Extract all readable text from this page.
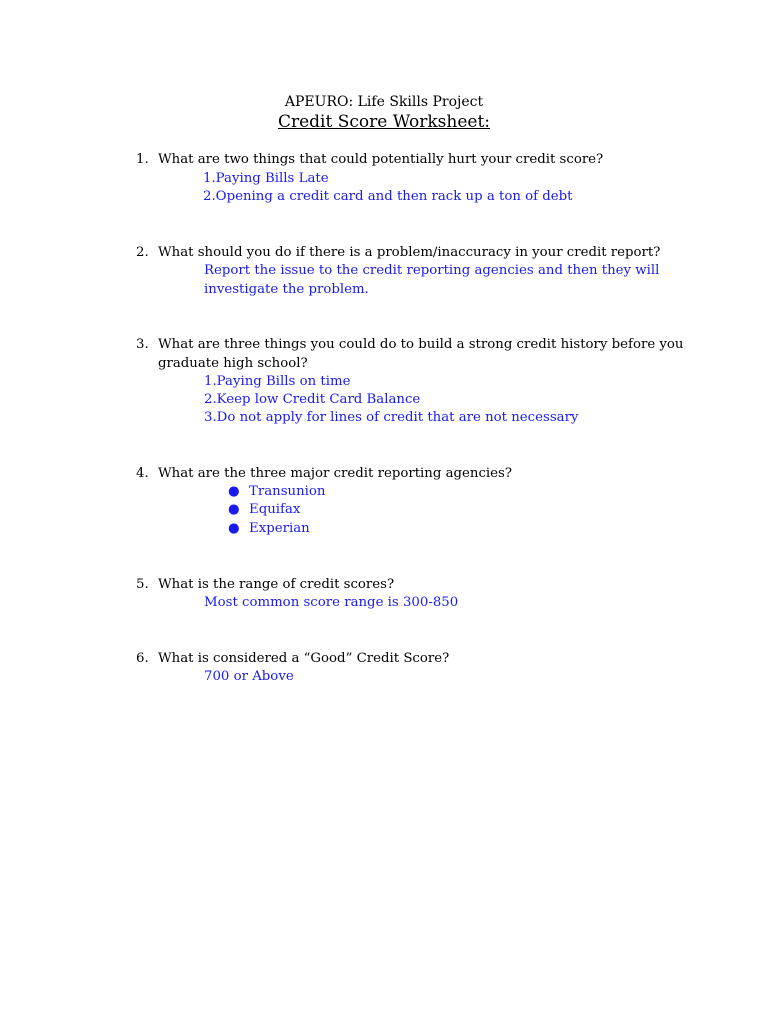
APEURO: Life Skills Project
Credit Score Worksheet:
1. What are two things that could potentially hurt your credit score?
1.Paying Bills Late
2.Opening a credit card and then rack up a ton of debt
2. What should you do if there is a problem/inaccuracy in your credit report?
Report the issue to the credit reporting agencies and then they will
investigate the problem.
3. What are three things you could do to build a strong credit history before you
graduate high school?
1.Paying Bills on time
2.Keep low Credit Card Balance
3.Do not apply for lines of credit that are not necessary
4. What are the three major credit reporting agencies?
● Transunion
● Equifax
● Experian
5. What is the range of credit scores?
Most common score range is 300-850
6. What is considered a “Good” Credit Score?
700 or Above
